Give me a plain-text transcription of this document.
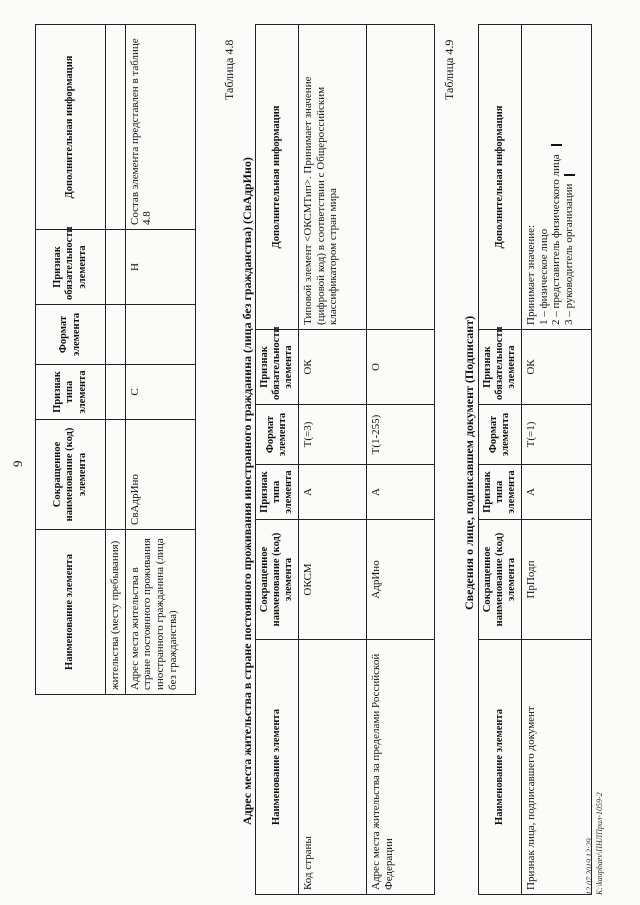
9
Наименование элемента	Сокращенное наименование (код) элемента	Признак типа элемента	Формат элемента	Признак обязательности элемента	Дополнительная информация
жительства (месту пребывания)					
Адрес места жительства в стране постоянного проживания иностранного гражданина (лица без гражданства)	СвАдрИно	С		Н	Состав элемента представлен в таблице 4.8
Таблица 4.8
Адрес места жительства в стране постоянного проживания иностранного гражданина (лица без гражданства) (СвАдрИно) Наименование элемента	Сокращенное наименование (код) элемента	Признак типа элемента	Формат элемента	Признак обязательности элемента	Дополнительная информация
Код страны	ОКСМ	А	T(=3)	ОК	Типовой элемент <ОКСМТип>. Принимает значение (цифровой код) в соответствии с Общероссийским классификатором стран мира
Адрес места жительства за пределами Российской Федерации	АдрИно	А	T(1-255)	О	
Таблица 4.9
Сведения о лице, подписавшем документ (Подписант)
Наименование элемента	Сокращенное наименование (код) элемента	Признак типа элемента	Формат элемента	Признак обязательности элемента	Дополнительная информация
Признак лица, подписавшего документ	ПрПодп	А	T(=1)	ОК	Принимает значение: 1 – физическое лицо 2 – представитель физического лица 3 – руководитель организации
12.07.2019 12:29 K:\kaupbaev\ПНЛПрил-1059-2
